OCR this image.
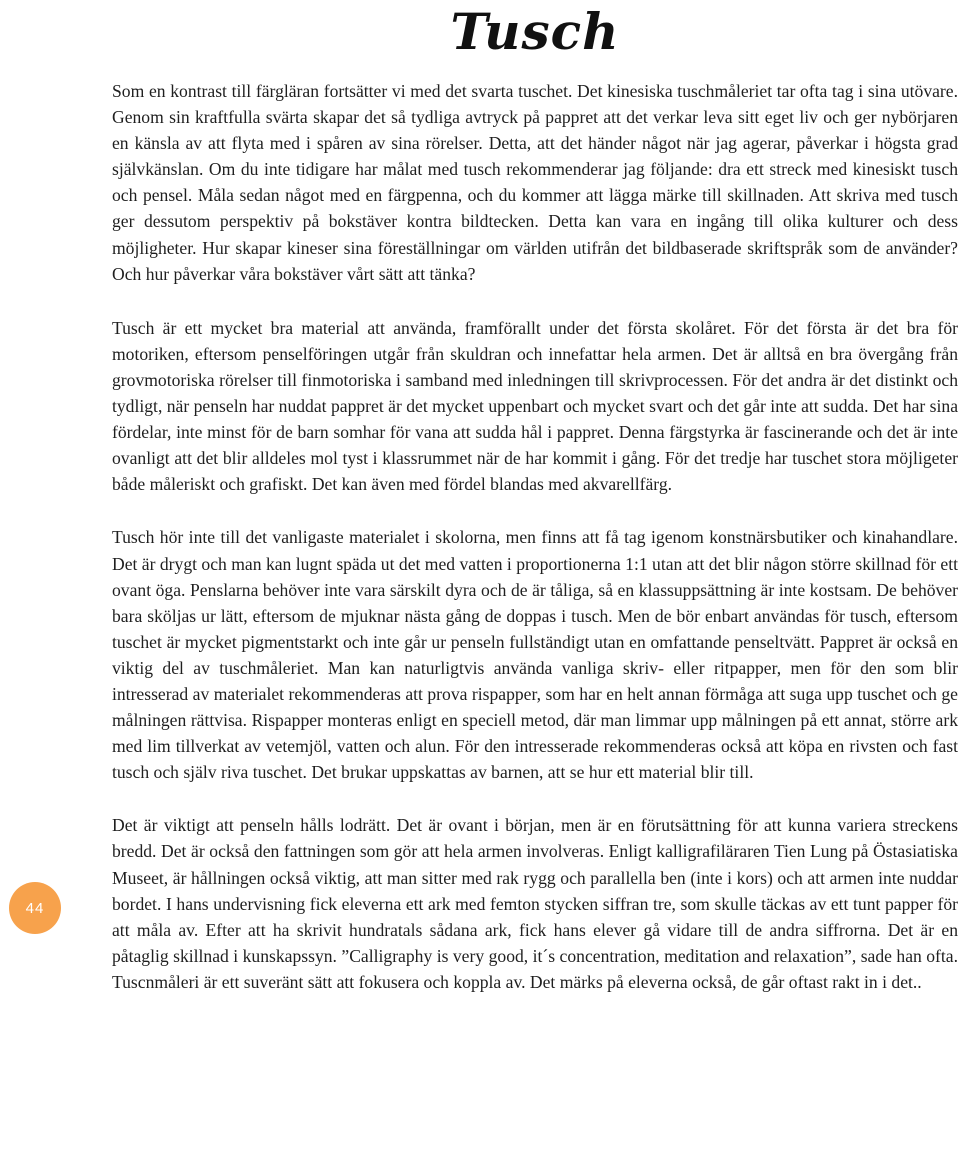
Tusch

Som en kontrast till färgläran fortsätter vi med det svarta tuschet. Det kinesiska tuschmåleriet tar ofta tag i sina utövare. Genom sin kraftfulla svärta skapar det så tydliga avtryck på pappret att det verkar leva sitt eget liv och ger nybörjaren en känsla av att flyta med i spåren av sina rörelser. Detta, att det händer något när jag agerar, påverkar i högsta grad självkänslan. Om du inte tidigare har målat med tusch rekommenderar jag följande: dra ett streck med kinesiskt tusch och pensel. Måla sedan något med en färgpenna, och du kommer att lägga märke till skillnaden. Att skriva med tusch ger dessutom perspektiv på bokstäver kontra bildtecken. Detta kan vara en ingång till olika kulturer och dess möjligheter. Hur skapar kineser sina föreställningar om världen utifrån det bildbaserade skriftspråk som de använder? Och hur påverkar våra bokstäver vårt sätt att tänka?

Tusch är ett mycket bra material att använda, framförallt under det första skolåret. För det första är det bra för motoriken, eftersom penselföringen utgår från skuldran och innefattar hela armen. Det är alltså en bra övergång från grovmotoriska rörelser till finmotoriska i samband med inledningen till skrivprocessen. För det andra är det distinkt och tydligt, när penseln har nuddat pappret är det mycket uppenbart och mycket svart och det går inte att sudda. Det har sina fördelar, inte minst för de barn somhar för vana att sudda hål i pappret. Denna färgstyrka är fascinerande och det är inte ovanligt att det blir alldeles mol tyst i klassrummet när de har kommit i gång. För det tredje har tuschet stora möjligeter både måleriskt och grafiskt. Det kan även med fördel blandas med akvarellfärg.

Tusch hör inte till det vanligaste materialet i skolorna, men finns att få tag igenom konstnärsbutiker och kinahandlare. Det är drygt och man kan lugnt späda ut det med vatten i proportionerna 1:1 utan att det blir någon större skillnad för ett ovant öga. Penslarna behöver inte vara särskilt dyra och de är tåliga, så en klassuppsättning är inte kostsam. De behöver bara sköljas ur lätt, eftersom de mjuknar nästa gång de doppas i tusch. Men de bör enbart användas för tusch, eftersom tuschet är mycket pigmentstarkt och inte går ur penseln fullständigt utan en omfattande penseltvätt. Pappret är också en viktig del av tuschmåleriet. Man kan naturligtvis använda vanliga skriv- eller ritpapper, men för den som blir intresserad av materialet rekommenderas att prova rispapper, som har en helt annan förmåga att suga upp tuschet och ge målningen rättvisa. Rispapper monteras enligt en speciell metod, där man limmar upp målningen på ett annat, större ark med lim tillverkat av vetemjöl, vatten och alun. För den intresserade rekommenderas också att köpa en rivsten och fast tusch och själv riva tuschet. Det brukar uppskattas av barnen, att se hur ett material blir till.

Det är viktigt att penseln hålls lodrätt. Det är ovant i början, men är en förutsättning för att kunna variera streckens bredd. Det är också den fattningen som gör att hela armen involveras. Enligt kalligrafiläraren Tien Lung på Östasiatiska Museet, är hållningen också viktig, att man sitter med rak rygg och parallella ben (inte i kors) och att armen inte nuddar bordet. I hans undervisning fick eleverna ett ark med femton stycken siffran tre, som skulle täckas av ett tunt papper för att måla av. Efter att ha skrivit hundratals sådana ark, fick hans elever gå vidare till de andra siffrorna. Det är en påtaglig skillnad i kunskapssyn. ”Calligraphy is very good, it´s concentration, meditation and relaxation”, sade han ofta. Tuscnmåleri är ett suveränt sätt att fokusera och koppla av. Det märks på eleverna också, de går oftast rakt in i det..

44
